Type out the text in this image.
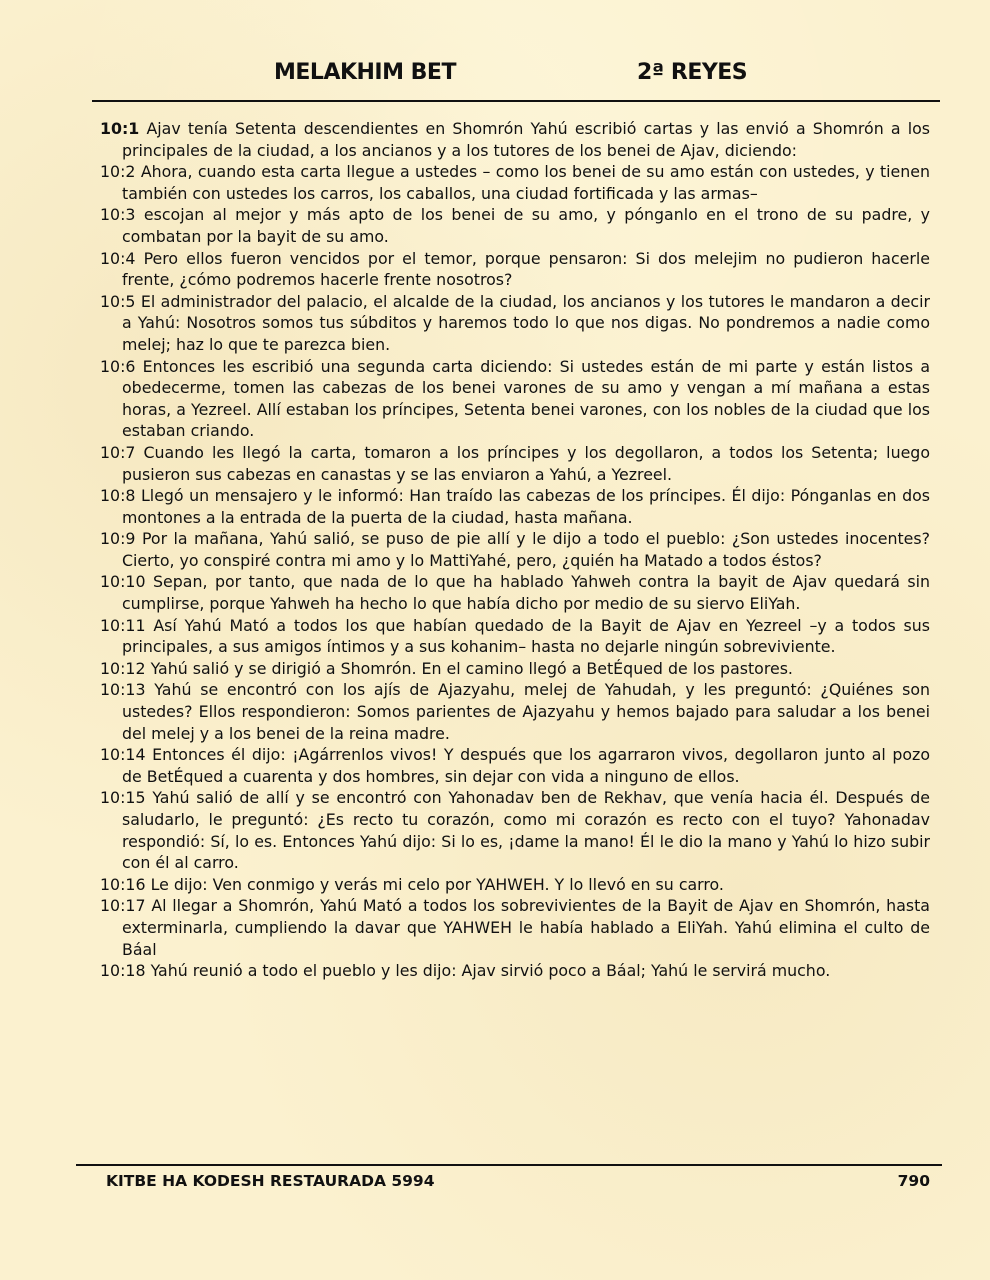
MELAKHIM BET	2ª REYES

10:1 Ajav tenía Setenta descendientes en Shomrón Yahú escribió cartas y las envió a Shomrón a los principales de la ciudad, a los ancianos y a los tutores de los benei de Ajav, diciendo:

10:2 Ahora, cuando esta carta llegue a ustedes – como los benei de su amo están con ustedes, y tienen también con ustedes los carros, los caballos, una ciudad fortificada y las armas–

10:3 escojan al mejor y más apto de los benei de su amo, y pónganlo en el trono de su padre, y combatan por la bayit de su amo.

10:4 Pero ellos fueron vencidos por el temor, porque pensaron: Si dos melejim no pudieron hacerle frente, ¿cómo podremos hacerle frente nosotros?

10:5 El administrador del palacio, el alcalde de la ciudad, los ancianos y los tutores le mandaron a decir a Yahú: Nosotros somos tus súbditos y haremos todo lo que nos digas. No pondremos a nadie como melej; haz lo que te parezca bien.

10:6 Entonces les escribió una segunda carta diciendo: Si ustedes están de mi parte y están listos a obedecerme, tomen las cabezas de los benei varones de su amo y vengan a mí mañana a estas horas, a Yezreel. Allí estaban los príncipes, Setenta benei varones, con los nobles de la ciudad que los estaban criando.

10:7 Cuando les llegó la carta, tomaron a los príncipes y los degollaron, a todos los Setenta; luego pusieron sus cabezas en canastas y se las enviaron a Yahú, a Yezreel.

10:8 Llegó un mensajero y le informó: Han traído las cabezas de los príncipes. Él dijo: Pónganlas en dos montones a la entrada de la puerta de la ciudad, hasta mañana.

10:9 Por la mañana, Yahú salió, se puso de pie allí y le dijo a todo el pueblo: ¿Son ustedes inocentes? Cierto, yo conspiré contra mi amo y lo MattiYahé, pero, ¿quién ha Matado a todos éstos?

10:10 Sepan, por tanto, que nada de lo que ha hablado Yahweh contra la bayit de Ajav quedará sin cumplirse, porque Yahweh ha hecho lo que había dicho por medio de su siervo EliYah.

10:11 Así Yahú Mató a todos los que habían quedado de la Bayit de Ajav en Yezreel –y a todos sus principales, a sus amigos íntimos y a sus kohanim– hasta no dejarle ningún sobreviviente.

10:12 Yahú salió y se dirigió a Shomrón. En el camino llegó a BetÉqued de los pastores.

10:13 Yahú se encontró con los ajís de Ajazyahu, melej de Yahudah, y les preguntó: ¿Quiénes son ustedes? Ellos respondieron: Somos parientes de Ajazyahu y hemos bajado para saludar a los benei del melej y a los benei de la reina madre.

10:14 Entonces él dijo: ¡Agárrenlos vivos! Y después que los agarraron vivos, degollaron junto al pozo de BetÉqued a cuarenta y dos hombres, sin dejar con vida a ninguno de ellos.

10:15 Yahú salió de allí y se encontró con Yahonadav ben de Rekhav, que venía hacia él. Después de saludarlo, le preguntó: ¿Es recto tu corazón, como mi corazón es recto con el tuyo? Yahonadav respondió: Sí, lo es. Entonces Yahú dijo: Si lo es, ¡dame la mano! Él le dio la mano y Yahú lo hizo subir con él al carro.

10:16 Le dijo: Ven conmigo y verás mi celo por YAHWEH. Y lo llevó en su carro.

10:17 Al llegar a Shomrón, Yahú Mató a todos los sobrevivientes de la Bayit de Ajav en Shomrón, hasta exterminarla, cumpliendo la davar que YAHWEH le había hablado a EliYah. Yahú elimina el culto de Báal

10:18 Yahú reunió a todo el pueblo y les dijo: Ajav sirvió poco a Báal; Yahú le servirá mucho.

KITBE HA KODESH RESTAURADA 5994	790
